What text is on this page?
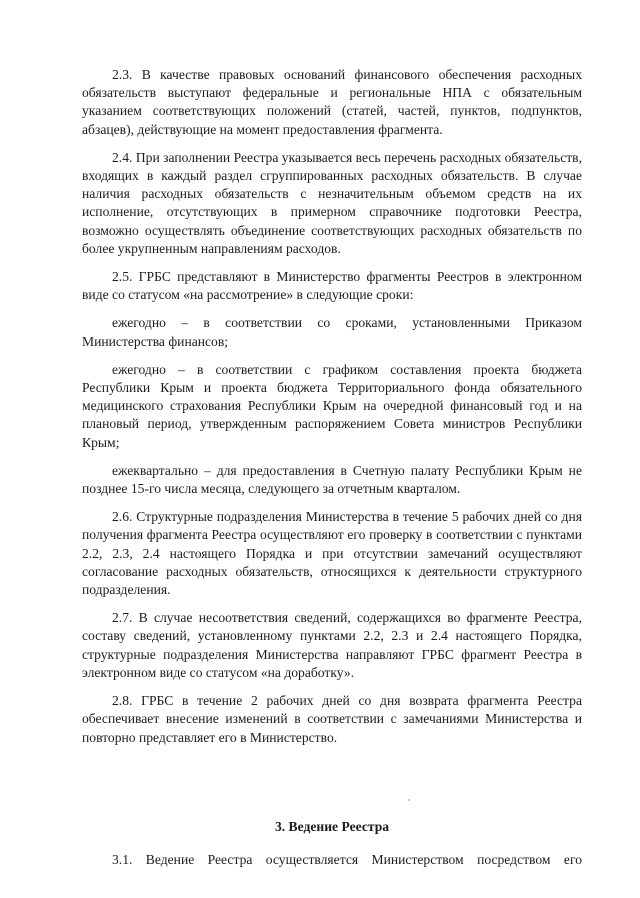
2.3. В качестве правовых оснований финансового обеспечения расходных обязательств выступают федеральные и региональные НПА с обязательным указанием соответствующих положений (статей, частей, пунктов, подпунктов, абзацев), действующие на момент предоставления фрагмента.

2.4. При заполнении Реестра указывается весь перечень расходных обязательств, входящих в каждый раздел сгруппированных расходных обязательств. В случае наличия расходных обязательств с незначительным объемом средств на их исполнение, отсутствующих в примерном справочнике подготовки Реестра, возможно осуществлять объединение соответствующих расходных обязательств по более укрупненным направлениям расходов.

2.5. ГРБС представляют в Министерство фрагменты Реестров в электронном виде со статусом «на рассмотрение» в следующие сроки:

ежегодно – в соответствии со сроками, установленными Приказом Министерства финансов;

ежегодно – в соответствии с графиком составления проекта бюджета Республики Крым и проекта бюджета Территориального фонда обязательного медицинского страхования Республики Крым на очередной финансовый год и на плановый период, утвержденным распоряжением Совета министров Республики Крым;

ежеквартально – для предоставления в Счетную палату Республики Крым не позднее 15-го числа месяца, следующего за отчетным кварталом.

2.6. Структурные подразделения Министерства в течение 5 рабочих дней со дня получения фрагмента Реестра осуществляют его проверку в соответствии с пунктами 2.2, 2.3, 2.4 настоящего Порядка и при отсутствии замечаний осуществляют согласование расходных обязательств, относящихся к деятельности структурного подразделения.

2.7. В случае несоответствия сведений, содержащихся во фрагменте Реестра, составу сведений, установленному пунктами 2.2, 2.3 и 2.4 настоящего Порядка, структурные подразделения Министерства направляют ГРБС фрагмент Реестра в электронном виде со статусом «на доработку».

2.8. ГРБС в течение 2 рабочих дней со дня возврата фрагмента Реестра обеспечивает внесение изменений в соответствии с замечаниями Министерства и повторно представляет его в Министерство.

3. Ведение Реестра

3.1. Ведение Реестра осуществляется Министерством посредством его
